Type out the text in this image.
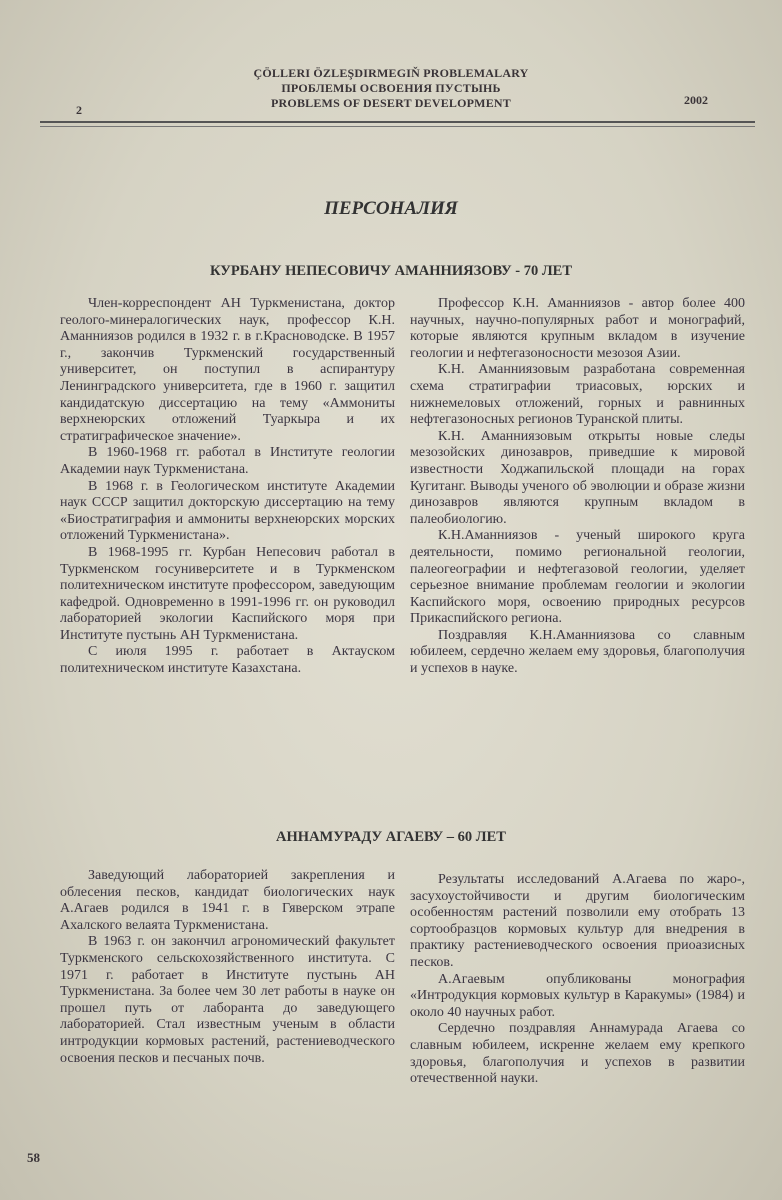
ÇÖLLERI ÖZLEŞDIRMEGIŇ PROBLEMALARY
ПРОБЛЕМЫ ОСВОЕНИЯ ПУСТЫНЬ
PROBLEMS OF DESERT DEVELOPMENT
2
2002
ПЕРСОНАЛИЯ
КУРБАНУ НЕПЕСОВИЧУ АМАННИЯЗОВУ - 70 ЛЕТ

Член-корреспондент АН Туркменистана, доктор геолого-минералогических наук, профессор К.Н. Аманниязов родился в 1932 г. в г.Красноводске. В 1957 г., закончив Туркменский государственный университет, он поступил в аспирантуру Ленинградского университета, где в 1960 г. защитил кандидатскую диссертацию на тему «Аммониты верхнеюрских отложений Туаркыра и их стратиграфическое значение».

В 1960-1968 гг. работал в Институте геологии Академии наук Туркменистана.

В 1968 г. в Геологическом институте Академии наук СССР защитил докторскую диссертацию на тему «Биостратиграфия и аммониты верхнеюрских морских отложений Туркменистана».

В 1968-1995 гг. Курбан Непесович работал в Туркменском госуниверситете и в Туркменском политехническом институте профессором, заведующим кафедрой. Одновременно в 1991-1996 гг. он руководил лабораторией экологии Каспийского моря при Институте пустынь АН Туркменистана.

С июля 1995 г. работает в Актауском политехническом институте Казахстана.

Профессор К.Н. Аманниязов - автор более 400 научных, научно-популярных работ и монографий, которые являются крупным вкладом в изучение геологии и нефтегазоносности мезозоя Азии.

К.Н. Аманниязовым разработана современная схема стратиграфии триасовых, юрских и нижнемеловых отложений, горных и равнинных нефтегазоносных регионов Туранской плиты.

К.Н. Аманниязовым открыты новые следы мезозойских динозавров, приведшие к мировой известности Ходжапильской площади на горах Кугитанг. Выводы ученого об эволюции и образе жизни динозавров являются крупным вкладом в палеобиологию.

К.Н.Аманниязов - ученый широкого круга деятельности, помимо региональной геологии, палеогеографии и нефтегазовой геологии, уделяет серьезное внимание проблемам геологии и экологии Каспийского моря, освоению природных ресурсов Прикаспийского региона.

Поздравляя К.Н.Аманниязова со славным юбилеем, сердечно желаем ему здоровья, благополучия и успехов в науке.

АННАМУРАДУ АГАЕВУ – 60 ЛЕТ

Заведующий лабораторией закрепления и облесения песков, кандидат биологических наук А.Агаев родился в 1941 г. в Гяверском этрапе Ахалского велаята Туркменистана.

В 1963 г. он закончил агрономический факультет Туркменского сельскохозяйственного института. С 1971 г. работает в Институте пустынь АН Туркменистана. За более чем 30 лет работы в науке он прошел путь от лаборанта до заведующего лабораторией. Стал известным ученым в области интродукции кормовых растений, растениеводческого освоения песков и песчаных почв.

Результаты исследований А.Агаева по жаро-, засухоустойчивости и другим биологическим особенностям растений позволили ему отобрать 13 сортообразцов кормовых культур для внедрения в практику растениеводческого освоения приоазисных песков.

А.Агаевым опубликованы монография «Интродукция кормовых культур в Каракумы» (1984) и около 40 научных работ.

Сердечно поздравляя Аннамурада Агаева со славным юбилеем, искренне желаем ему крепкого здоровья, благополучия и успехов в развитии отечественной науки.

58
